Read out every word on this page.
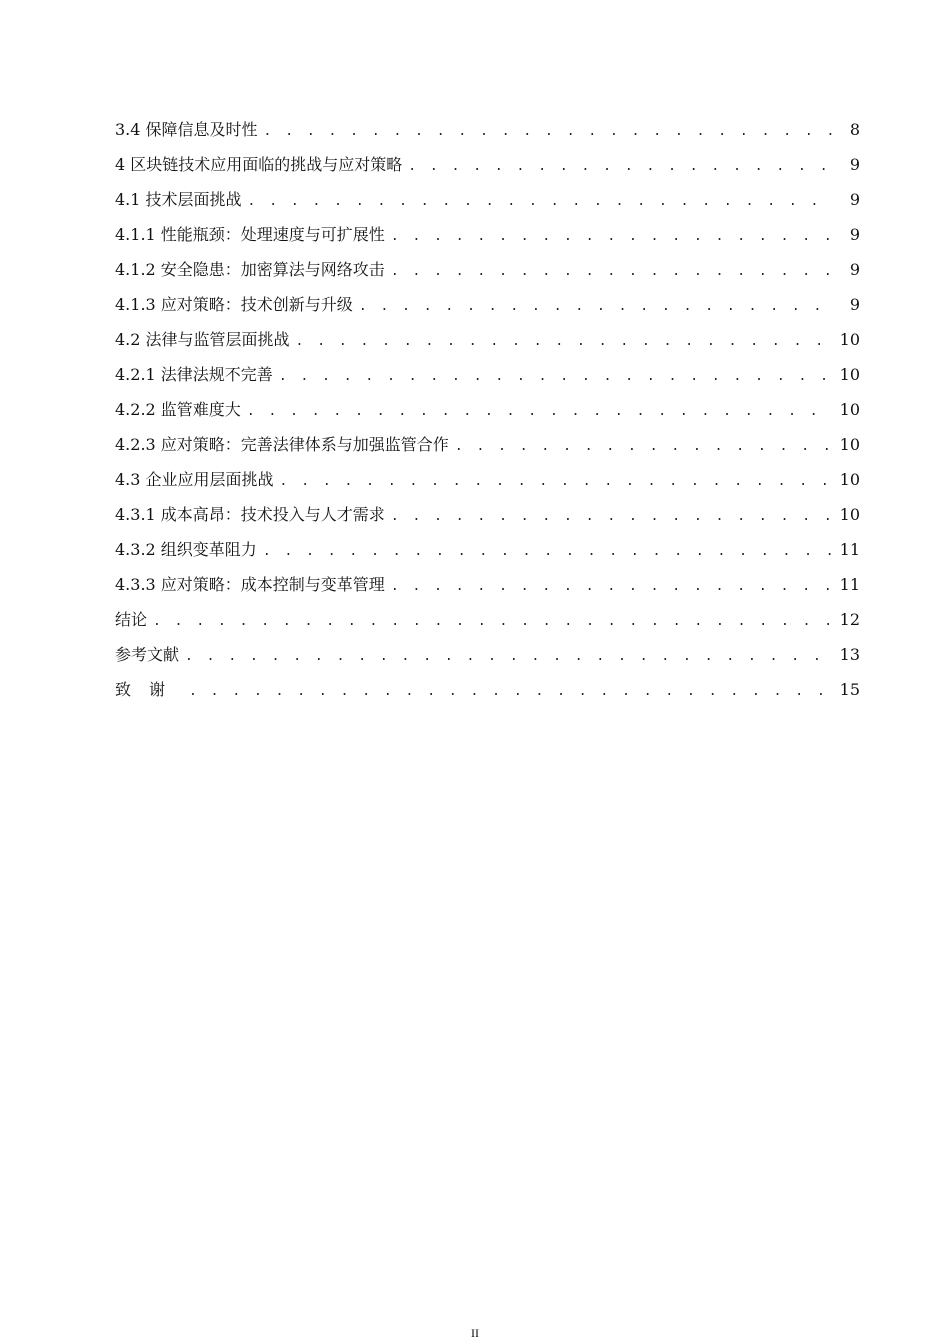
3.4 保障信息及时性 . . .	8
4 区块链技术应用面临的挑战与应对策略 . . .	9
4.1 技术层面挑战 . . .	9
4.1.1 性能瓶颈：处理速度与可扩展性 . . .	9
4.1.2 安全隐患：加密算法与网络攻击 . . .	9
4.1.3 应对策略：技术创新与升级 . . .	9
4.2 法律与监管层面挑战 . . .	10
4.2.1 法律法规不完善 . . .	10
4.2.2 监管难度大 . . .	10
4.2.3 应对策略：完善法律体系与加强监管合作 . . .	10
4.3 企业应用层面挑战 . . .	10
4.3.1 成本高昂：技术投入与人才需求 . . .	10
4.3.2 组织变革阻力 . . .	11
4.3.3 应对策略：成本控制与变革管理 . . .	11
结论 . . .	12
参考文献 . . .	13
致谢 . . .	15
II
